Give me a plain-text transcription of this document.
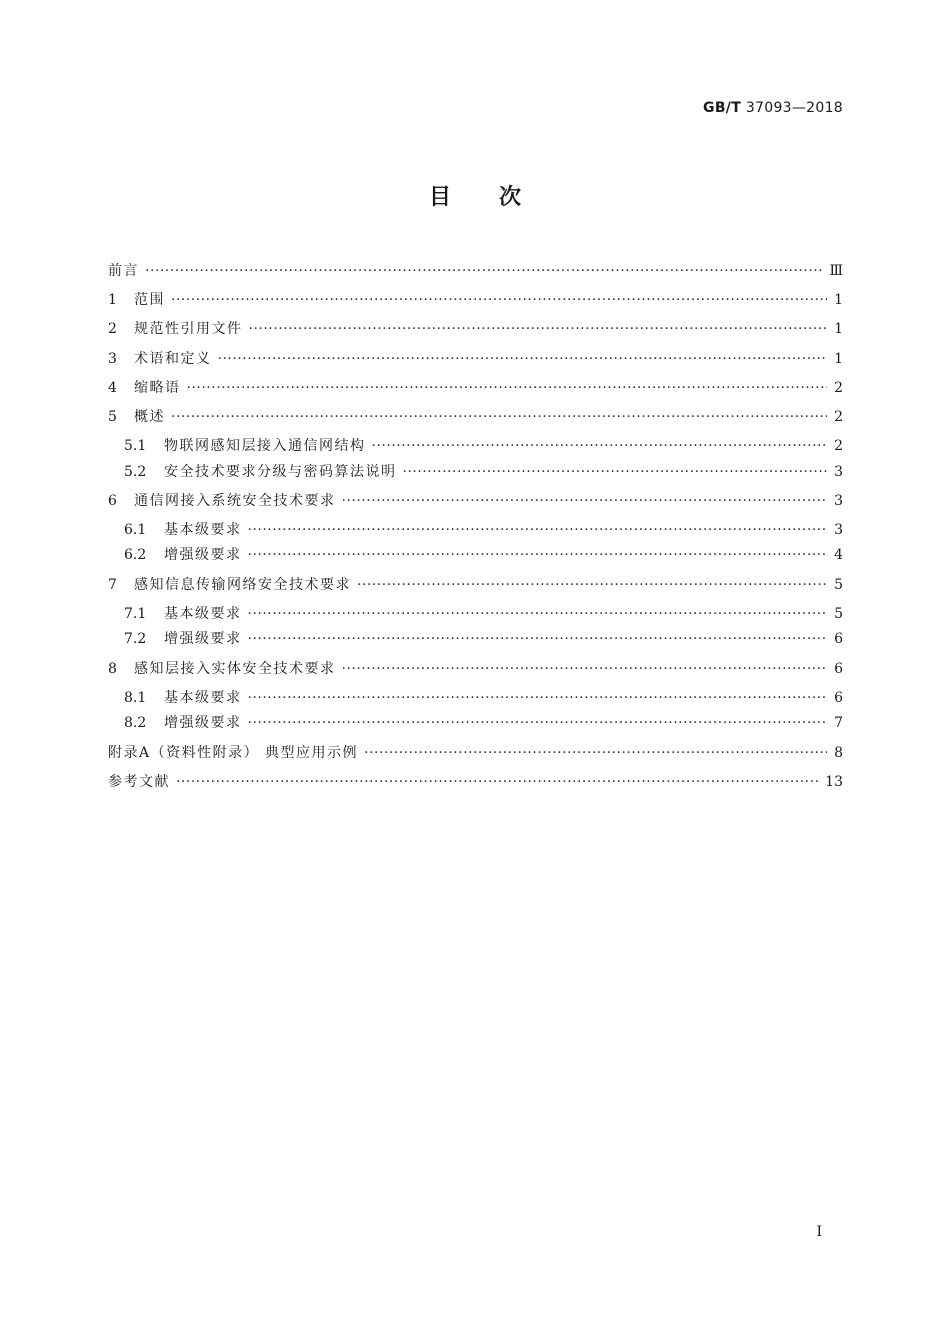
GB/T 37093—2018
目次
前言 ·····	Ⅲ
1	范围 ·····	1
2	规范性引用文件 ·····	1
3	术语和定义 ·····	1
4	缩略语 ·····	2
5	概述 ·····	2
5.1	物联网感知层接入通信网结构 ·····	2
5.2	安全技术要求分级与密码算法说明 ·····	3
6	通信网接入系统安全技术要求 ·····	3
6.1	基本级要求 ·····	3
6.2	增强级要求 ·····	4
7	感知信息传输网络安全技术要求 ·····	5
7.1	基本级要求 ·····	5
7.2	增强级要求 ·····	6
8	感知层接入实体安全技术要求 ·····	6
8.1	基本级要求 ·····	6
8.2	增强级要求 ·····	7
附录A（资料性附录） 典型应用示例 ·····	8
参考文献 ·····	13
Ⅰ
